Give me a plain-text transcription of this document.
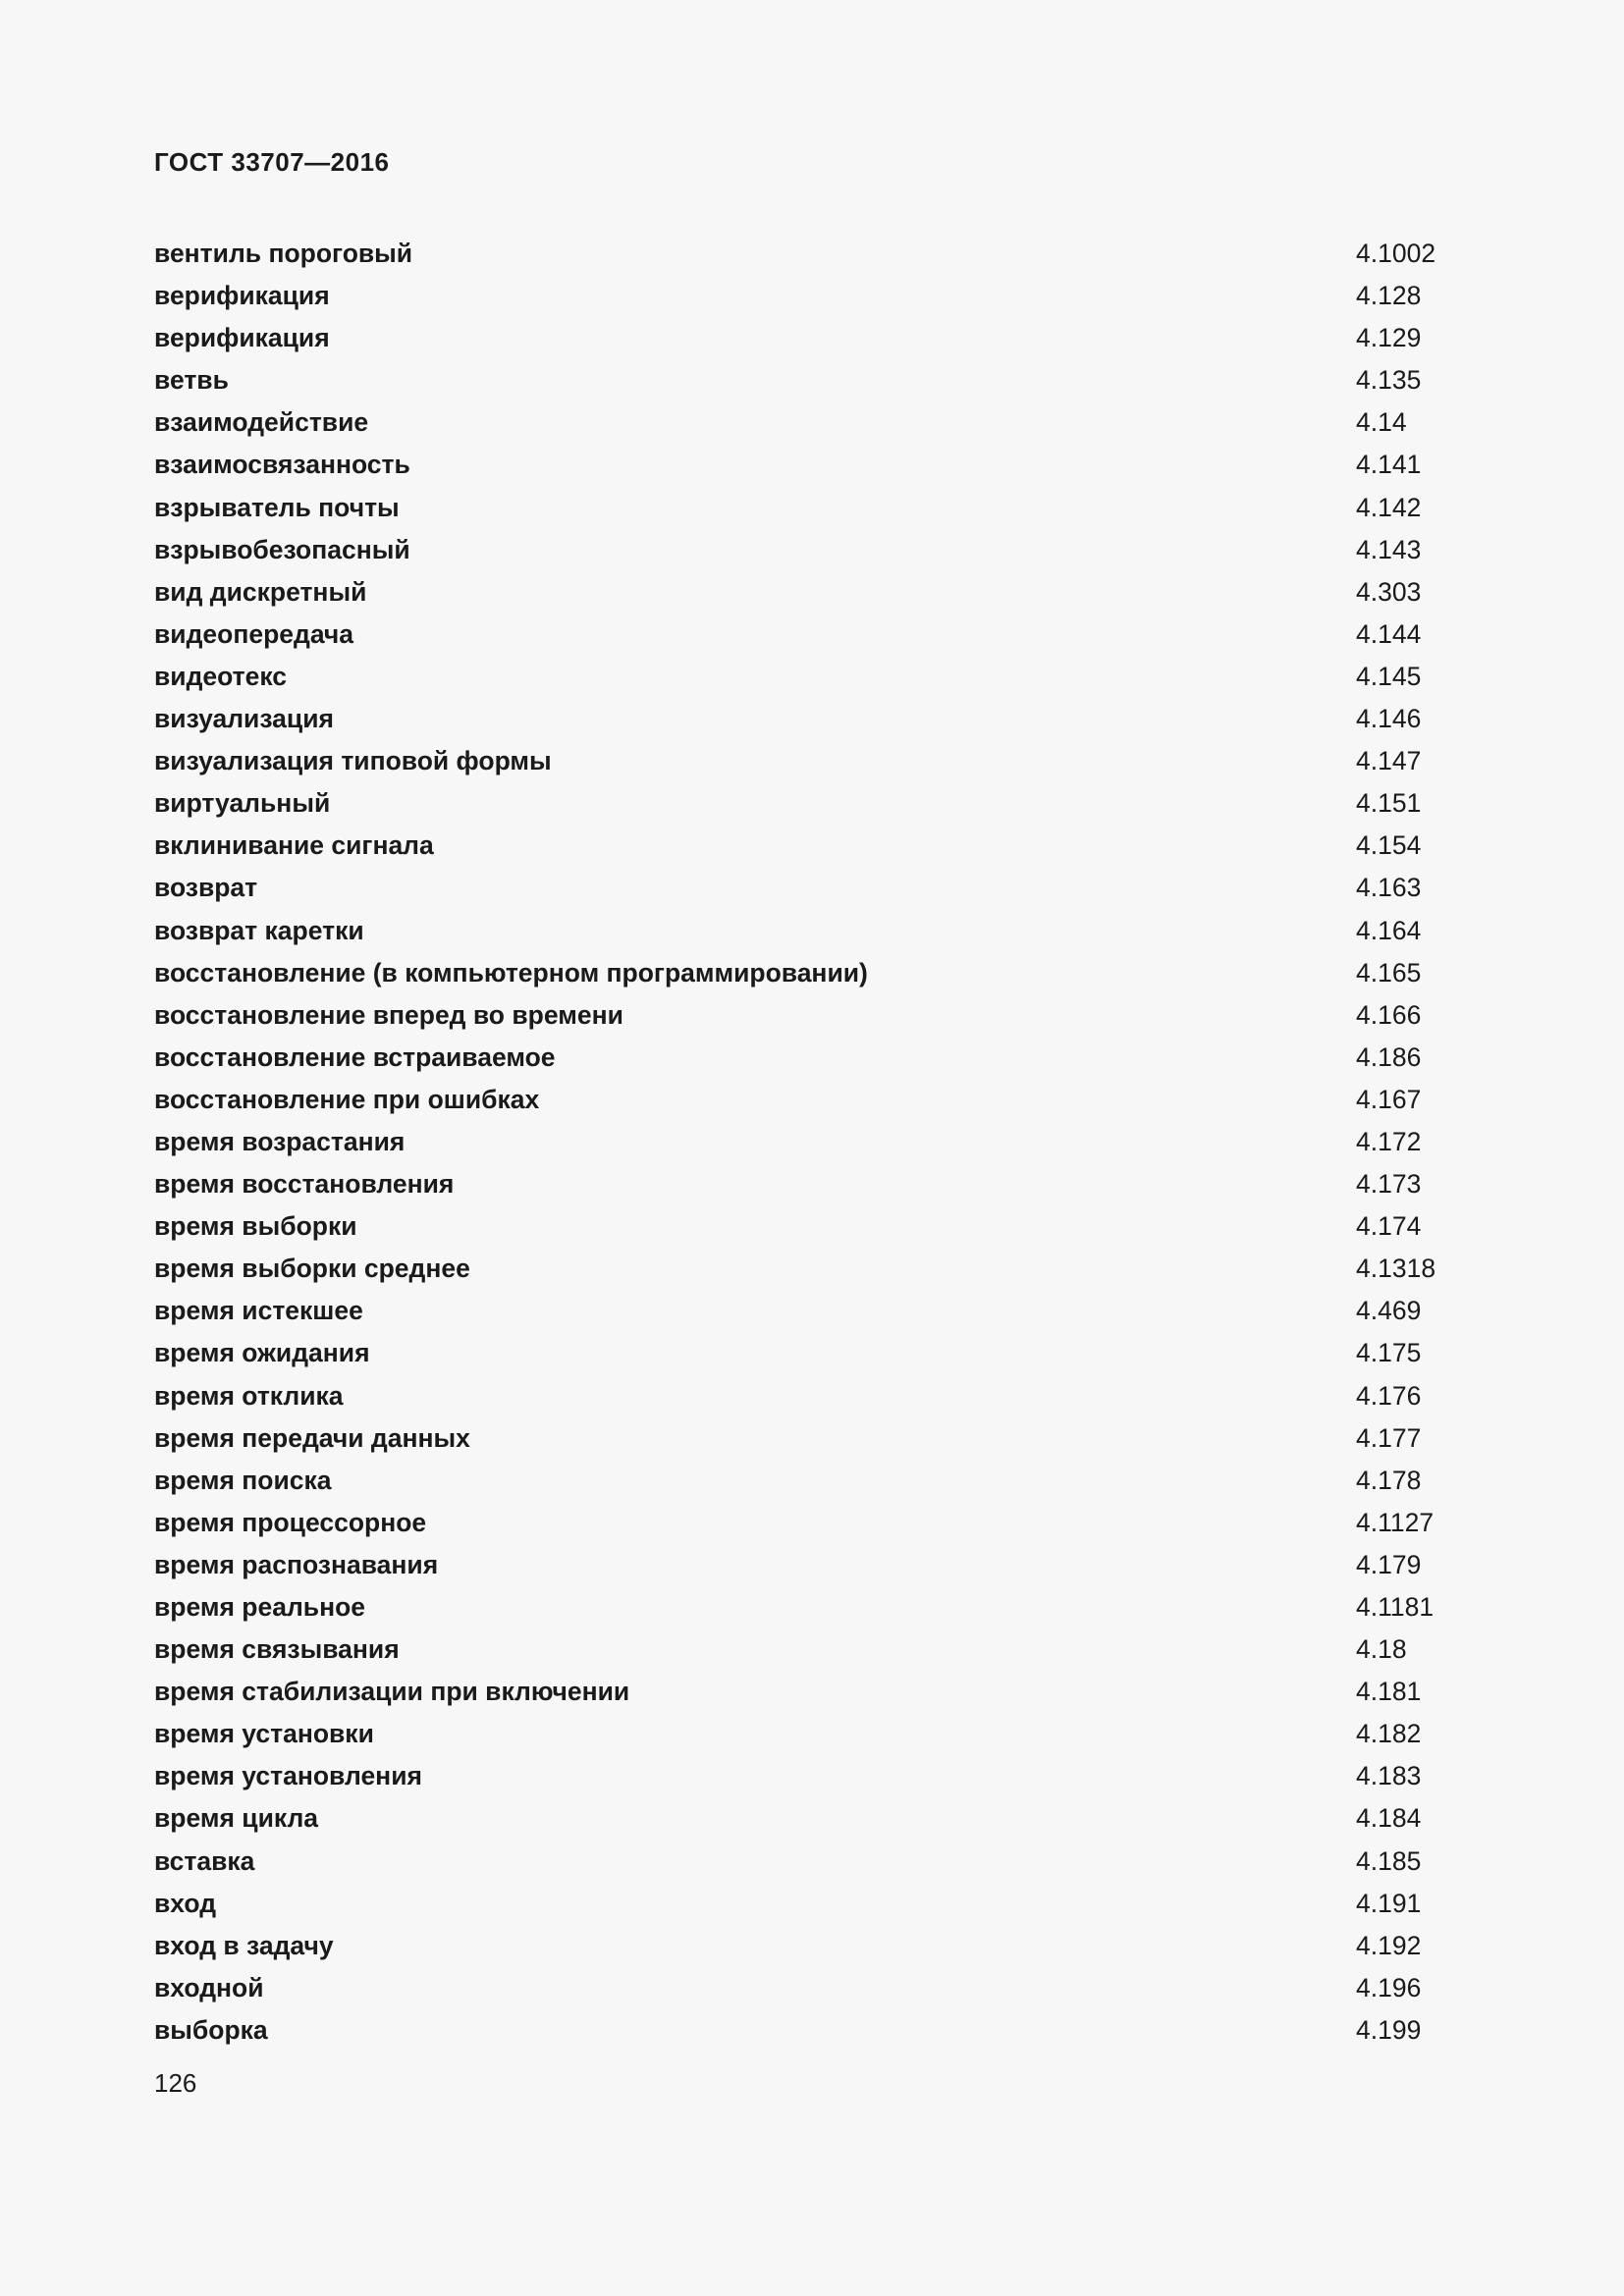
ГОСТ 33707—2016
вентиль пороговый	4.1002
верификация	4.128
верификация	4.129
ветвь	4.135
взаимодействие	4.14
взаимосвязанность	4.141
взрыватель почты	4.142
взрывобезопасный	4.143
вид дискретный	4.303
видеопередача	4.144
видеотекс	4.145
визуализация	4.146
визуализация типовой формы	4.147
виртуальный	4.151
вклинивание сигнала	4.154
возврат	4.163
возврат каретки	4.164
восстановление (в компьютерном программировании)	4.165
восстановление вперед во времени	4.166
восстановление встраиваемое	4.186
восстановление при ошибках	4.167
время возрастания	4.172
время восстановления	4.173
время выборки	4.174
время выборки среднее	4.1318
время истекшее	4.469
время ожидания	4.175
время отклика	4.176
время передачи данных	4.177
время поиска	4.178
время процессорное	4.1127
время распознавания	4.179
время реальное	4.1181
время связывания	4.18
время стабилизации при включении	4.181
время установки	4.182
время установления	4.183
время цикла	4.184
вставка	4.185
вход	4.191
вход в задачу	4.192
входной	4.196
выборка	4.199
126
